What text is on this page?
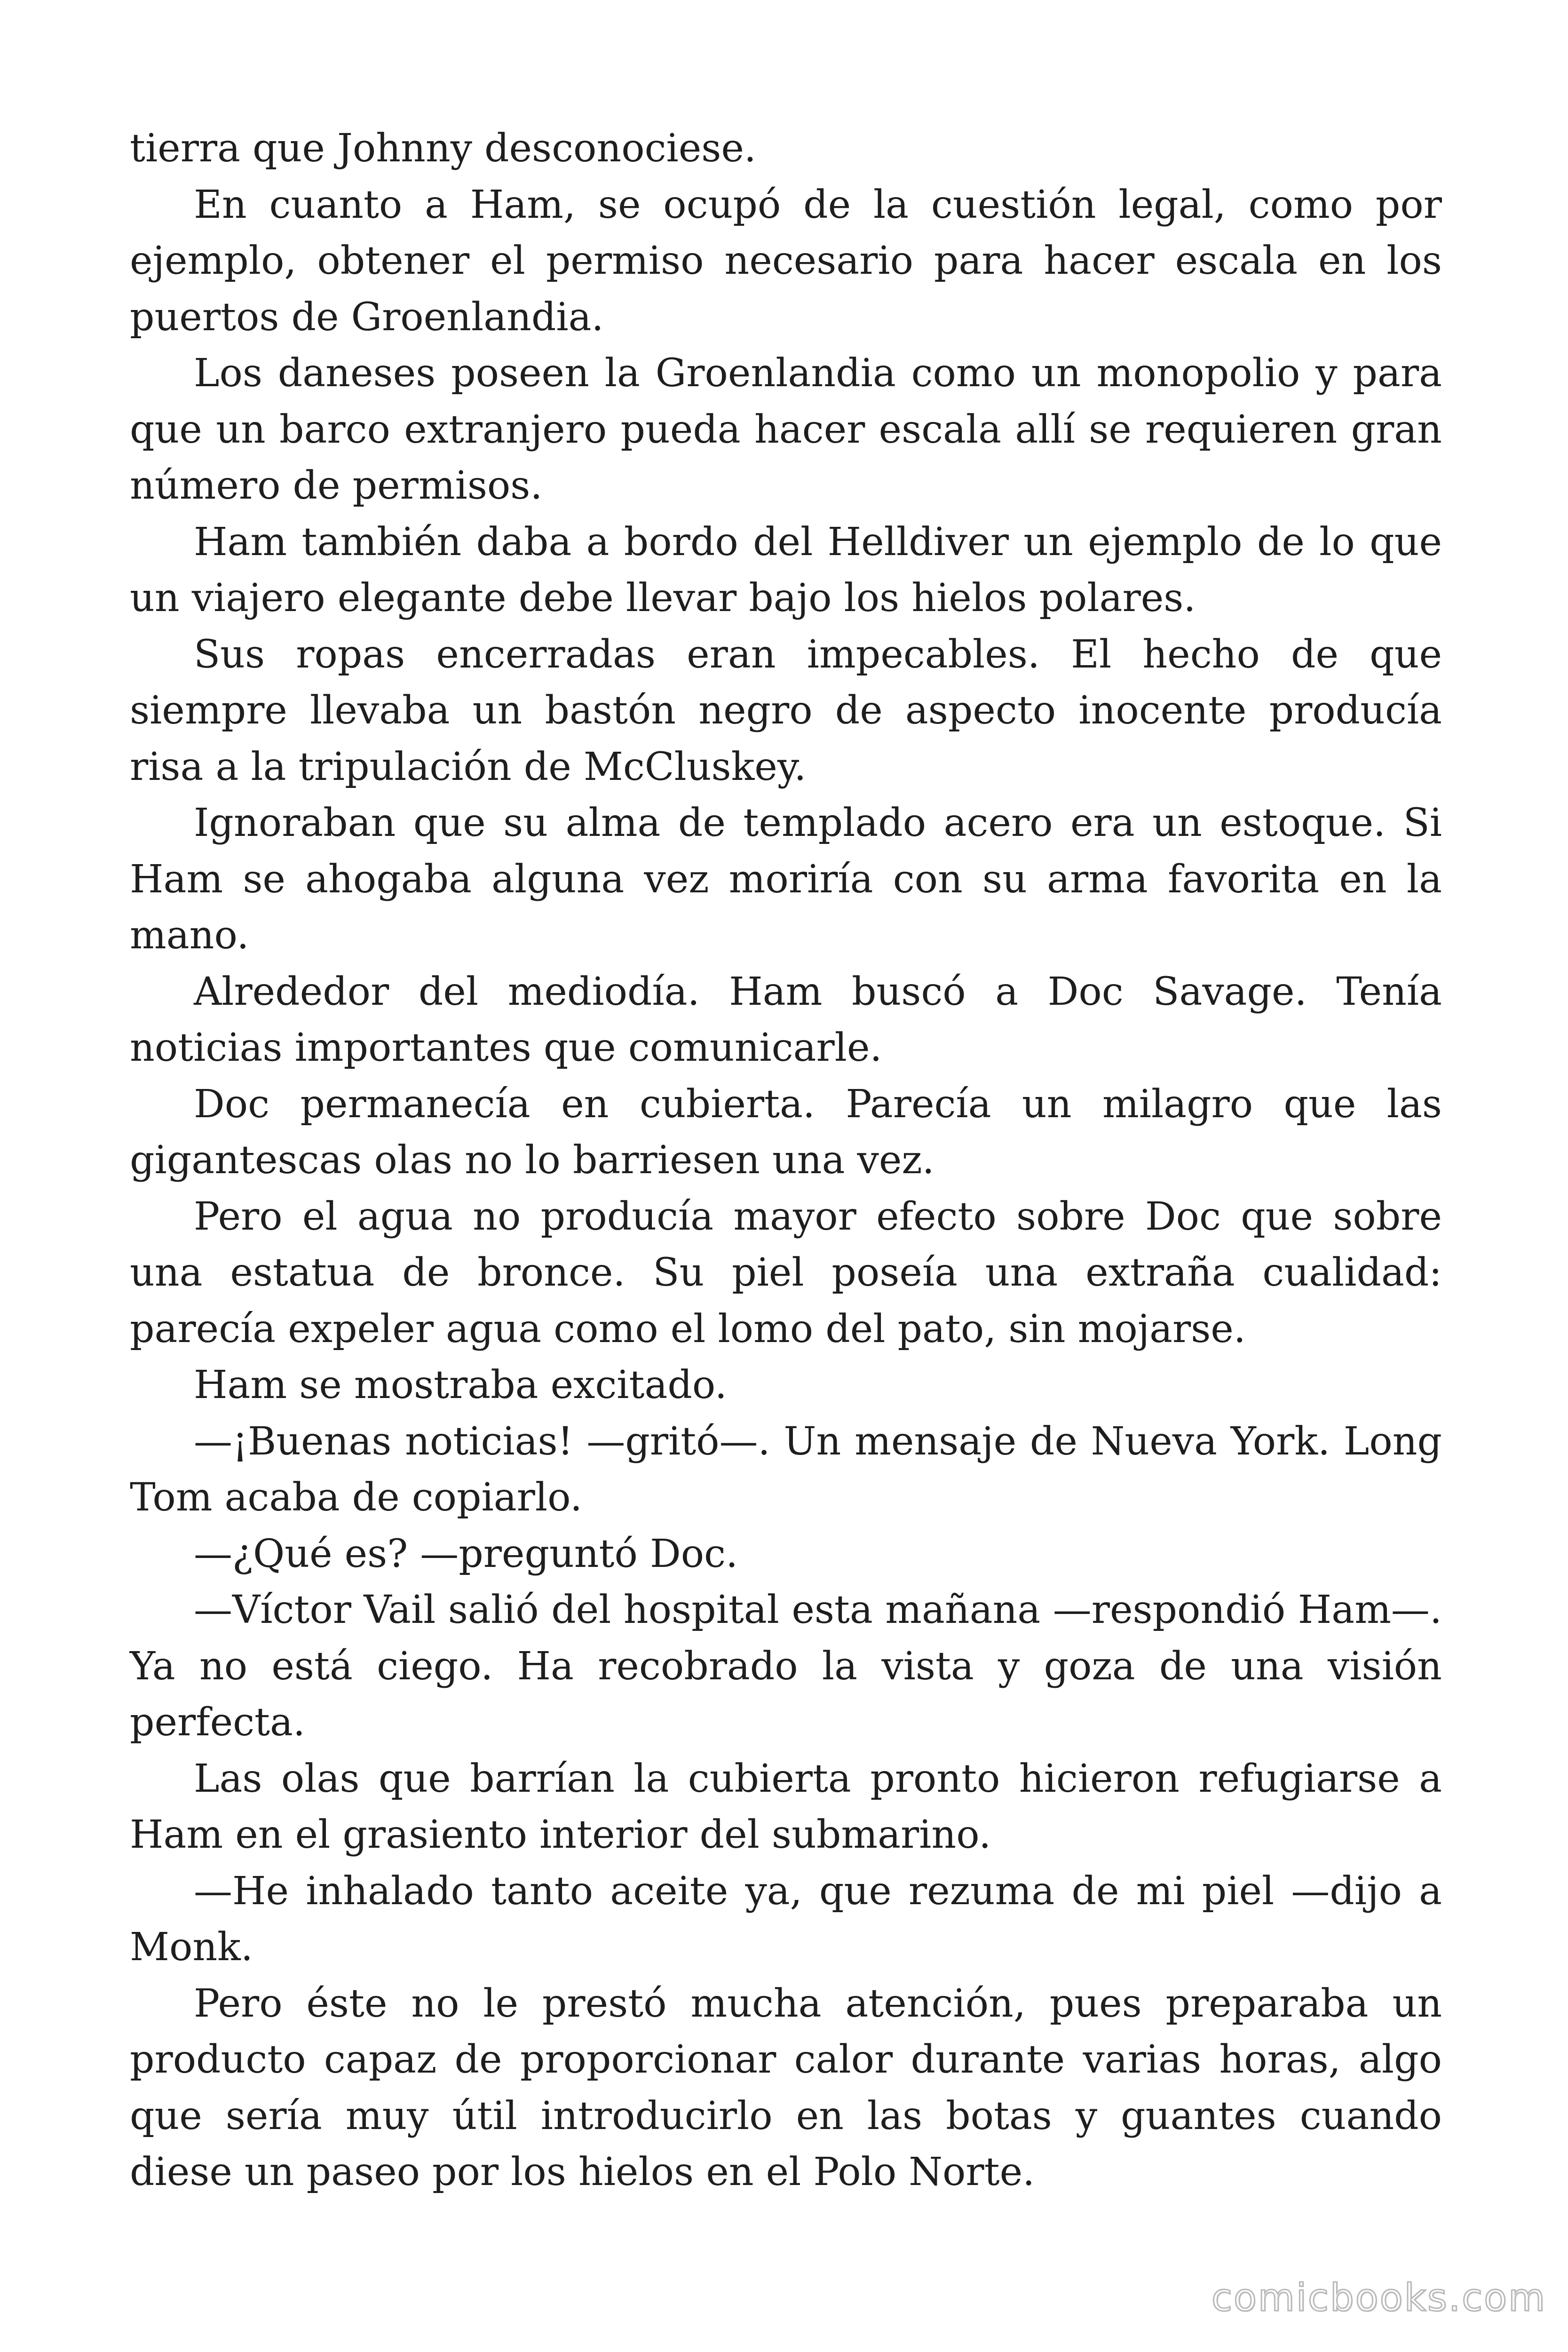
tierra que Johnny desconociese.

En cuanto a Ham, se ocupó de la cuestión legal, como por ejemplo, obtener el permiso necesario para hacer escala en los puertos de Groenlandia.

Los daneses poseen la Groenlandia como un monopolio y para que un barco extranjero pueda hacer escala allí se requieren gran número de permisos.

Ham también daba a bordo del Helldiver un ejemplo de lo que un viajero elegante debe llevar bajo los hielos polares.

Sus ropas encerradas eran impecables. El hecho de que siempre llevaba un bastón negro de aspecto inocente producía risa a la tripulación de McCluskey.

Ignoraban que su alma de templado acero era un estoque. Si Ham se ahogaba alguna vez moriría con su arma favorita en la mano.

Alrededor del mediodía. Ham buscó a Doc Savage. Tenía noticias importantes que comunicarle.

Doc permanecía en cubierta. Parecía un milagro que las gigantescas olas no lo barriesen una vez.

Pero el agua no producía mayor efecto sobre Doc que sobre una estatua de bronce. Su piel poseía una extraña cualidad: parecía expeler agua como el lomo del pato, sin mojarse.

Ham se mostraba excitado.

—¡Buenas noticias! —gritó—. Un mensaje de Nueva York. Long Tom acaba de copiarlo.

—¿Qué es? —preguntó Doc.

—Víctor Vail salió del hospital esta mañana —respondió Ham—. Ya no está ciego. Ha recobrado la vista y goza de una visión perfecta.

Las olas que barrían la cubierta pronto hicieron refugiarse a Ham en el grasiento interior del submarino.

—He inhalado tanto aceite ya, que rezuma de mi piel —dijo a Monk.

Pero éste no le prestó mucha atención, pues preparaba un producto capaz de proporcionar calor durante varias horas, algo que sería muy útil introducirlo en las botas y guantes cuando diese un paseo por los hielos en el Polo Norte.

comicbooks.com
